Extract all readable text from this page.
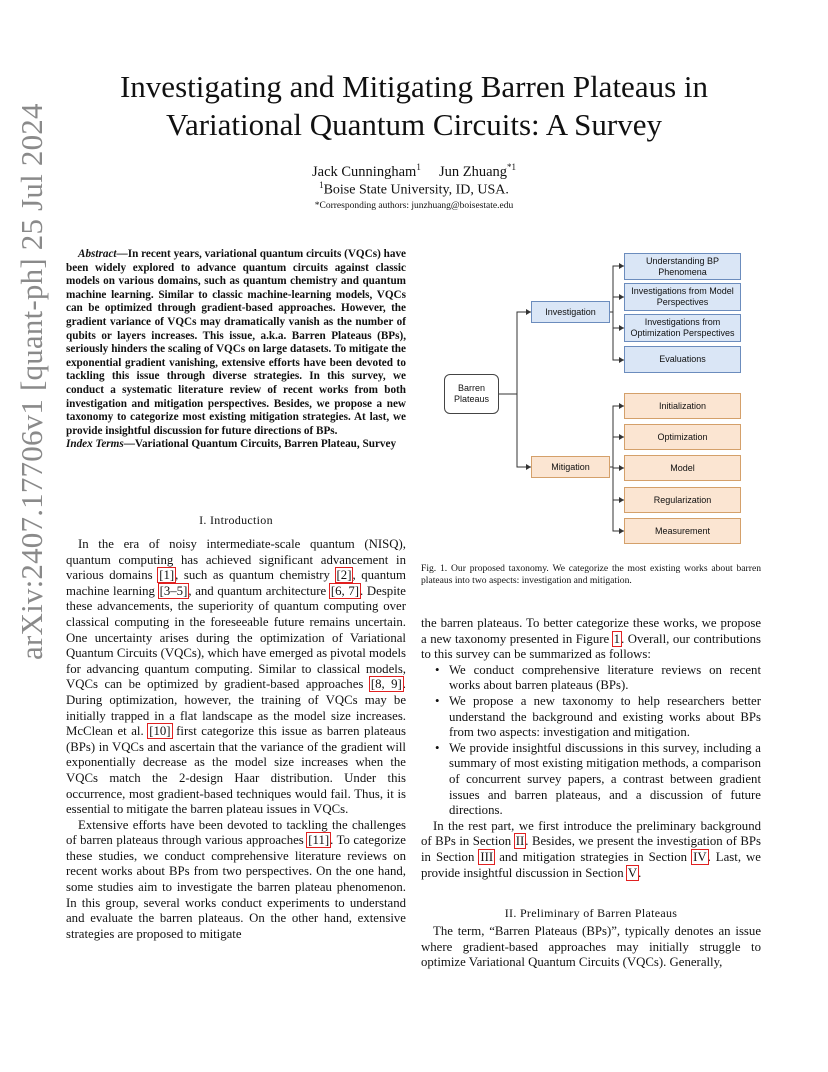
arXiv:2407.17706v1 [quant-ph] 25 Jul 2024
Investigating and Mitigating Barren Plateaus in Variational Quantum Circuits: A Survey
Jack Cunningham$^1$ Jun Zhuang$^{*1}$
$^1$Boise State University, ID, USA.
*Corresponding authors: junzhuang@boisestate.edu
Abstract—In recent years, variational quantum circuits (VQCs) have been widely explored to advance quantum circuits against classic models on various domains, such as quantum chemistry and quantum machine learning. Similar to classic machine-learning models, VQCs can be optimized through gradient-based approaches. However, the gradient variance of VQCs may dramatically vanish as the number of qubits or layers increases. This issue, a.k.a. Barren Plateaus (BPs), seriously hinders the scaling of VQCs on large datasets. To mitigate the exponential gradient vanishing, extensive efforts have been devoted to tackling this issue through diverse strategies. In this survey, we conduct a systematic literature review of recent works from both investigation and mitigation perspectives. Besides, we propose a new taxonomy to categorize most existing mitigation strategies. At last, we provide insightful discussion for future directions of BPs.
Index Terms—Variational Quantum Circuits, Barren Plateau, Survey
I. Introduction

In the era of noisy intermediate-scale quantum (NISQ), quantum computing has achieved significant advancement in various domains [1], such as quantum chemistry [2], quantum machine learning [3–5], and quantum architecture [6, 7]. Despite these advancements, the superiority of quantum computing over classical computing in the foreseeable future remains uncertain. One uncertainty arises during the optimization of Variational Quantum Circuits (VQCs), which have emerged as pivotal models for advancing quantum computing. Similar to classical models, VQCs can be optimized by gradient-based approaches [8, 9]. During optimization, however, the training of VQCs may be initially trapped in a flat landscape as the model size increases. McClean et al. [10] first categorize this issue as barren plateaus (BPs) in VQCs and ascertain that the variance of the gradient will exponentially decrease as the model size increases when the VQCs match the 2-design Haar distribution. Under this occurrence, most gradient-based techniques would fail. Thus, it is essential to mitigate the barren plateau issues in VQCs.

Extensive efforts have been devoted to tackling the challenges of barren plateaus through various approaches [11]. To categorize these studies, we conduct comprehensive literature reviews on recent works about BPs from two perspectives. On the one hand, some studies aim to investigate the barren plateau phenomenon. In this group, several works conduct experiments to understand and evaluate the barren plateaus. On the other hand, extensive strategies are proposed to mitigate

Barren
Plateaus
Investigation
Mitigation
Understanding BP Phenomena
Investigations from Model Perspectives
Investigations from Optimization Perspectives
Evaluations
Initialization
Optimization
Model
Regularization
Measurement
Fig. 1. Our proposed taxonomy. We categorize the most existing works about barren plateaus into two aspects: investigation and mitigation.

the barren plateaus. To better categorize these works, we propose a new taxonomy presented in Figure 1. Overall, our contributions to this survey can be summarized as follows:

• We conduct comprehensive literature reviews on recent works about barren plateaus (BPs).
• We propose a new taxonomy to help researchers better understand the background and existing works about BPs from two aspects: investigation and mitigation.
• We provide insightful discussions in this survey, including a summary of most existing mitigation methods, a comparison of concurrent survey papers, a contrast between gradient issues and barren plateaus, and a discussion of future directions.

In the rest part, we first introduce the preliminary background of BPs in Section II. Besides, we present the investigation of BPs in Section III and mitigation strategies in Section IV. Last, we provide insightful discussion in Section V.

II. Preliminary of Barren Plateaus

The term, “Barren Plateaus (BPs)”, typically denotes an issue where gradient-based approaches may initially struggle to optimize Variational Quantum Circuits (VQCs). Generally,
